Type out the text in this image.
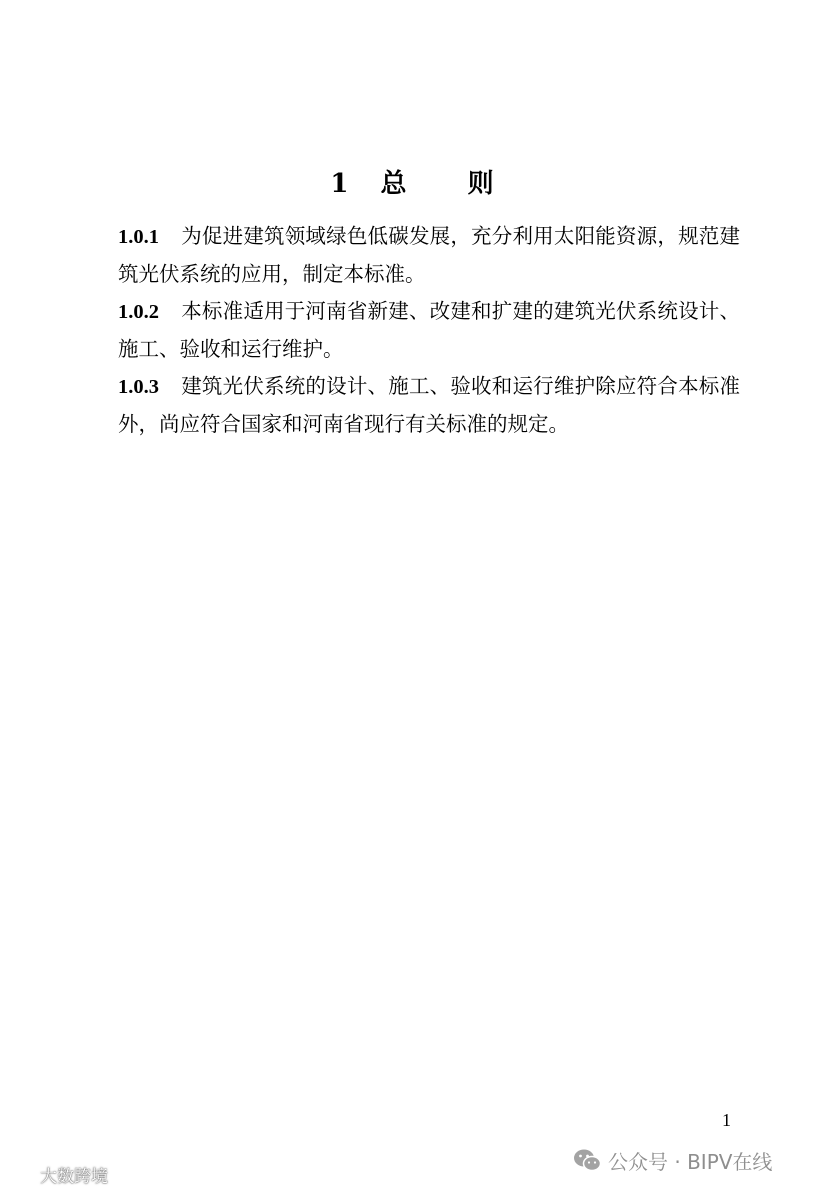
1 总 则

1.0.1 为促进建筑领域绿色低碳发展，充分利用太阳能资源，规范建筑光伏系统的应用，制定本标准。

1.0.2 本标准适用于河南省新建、改建和扩建的建筑光伏系统设计、施工、验收和运行维护。

1.0.3 建筑光伏系统的设计、施工、验收和运行维护除应符合本标准外，尚应符合国家和河南省现行有关标准的规定。

1
公众号 · BIPV在线
大数跨境
